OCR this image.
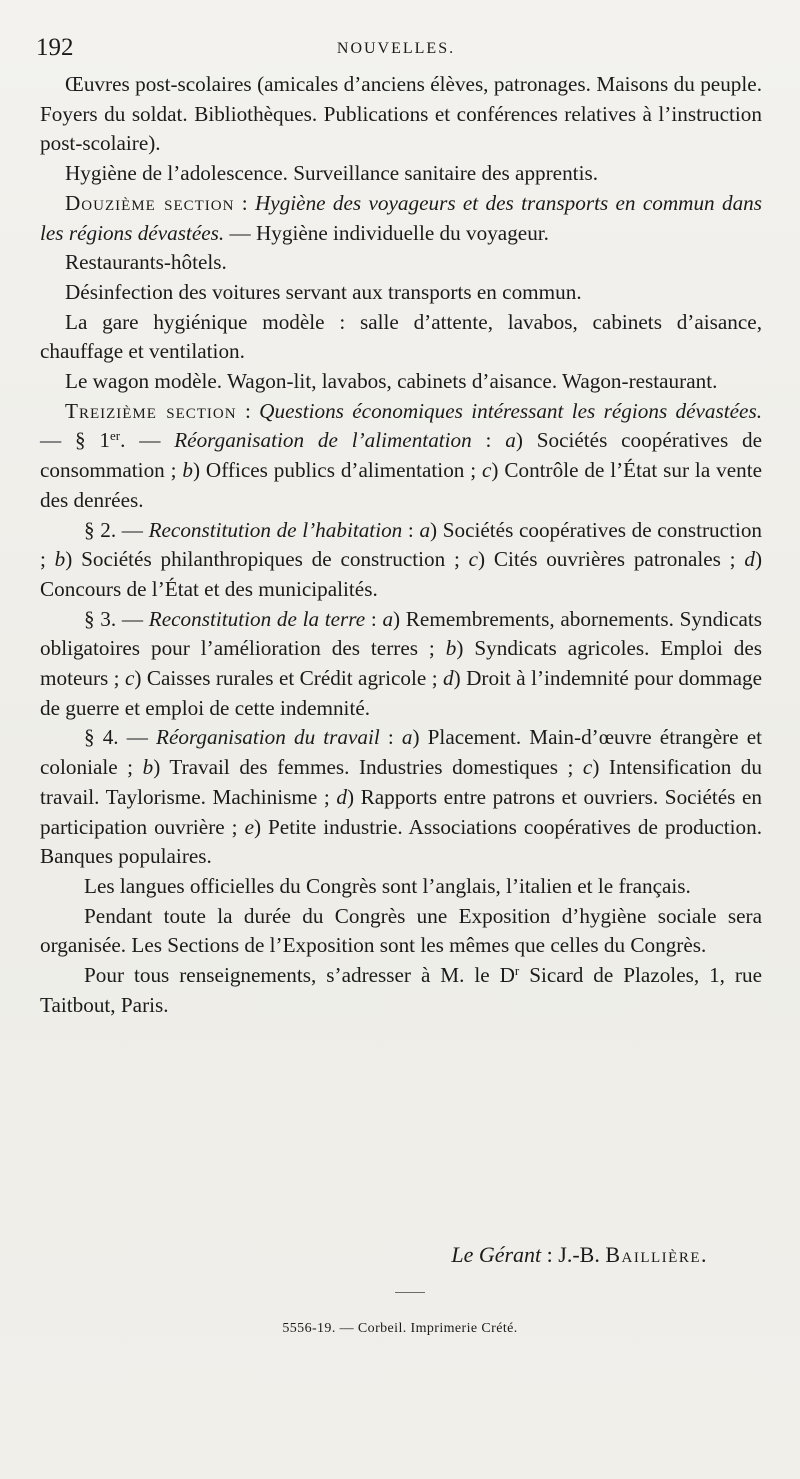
192	NOUVELLES.

Œuvres post-scolaires (amicales d’anciens élèves, patronages. Maisons du peuple. Foyers du soldat. Bibliothèques. Publications et conférences relatives à l’instruction post-scolaire).

Hygiène de l’adolescence. Surveillance sanitaire des apprentis.

Douzième section : Hygiène des voyageurs et des transports en commun dans les régions dévastées. — Hygiène individuelle du voyageur.

Restaurants-hôtels.

Désinfection des voitures servant aux transports en commun.

La gare hygiénique modèle : salle d’attente, lavabos, cabinets d’aisance, chauffage et ventilation.

Le wagon modèle. Wagon-lit, lavabos, cabinets d’aisance. Wagon-restaurant.

Treizième section : Questions économiques intéressant les régions dévastées. — § 1er. — Réorganisation de l’alimentation : a) Sociétés coopératives de consommation ; b) Offices publics d’alimentation ; c) Contrôle de l’État sur la vente des denrées.

§ 2. — Reconstitution de l’habitation : a) Sociétés coopératives de construction ; b) Sociétés philanthropiques de construction ; c) Cités ouvrières patronales ; d) Concours de l’État et des municipalités.

§ 3. — Reconstitution de la terre : a) Remembrements, abornements. Syndicats obligatoires pour l’amélioration des terres ; b) Syndicats agricoles. Emploi des moteurs ; c) Caisses rurales et Crédit agricole ; d) Droit à l’indemnité pour dommage de guerre et emploi de cette indemnité.

§ 4. — Réorganisation du travail : a) Placement. Main-d’œuvre étrangère et coloniale ; b) Travail des femmes. Industries domestiques ; c) Intensification du travail. Taylorisme. Machinisme ; d) Rapports entre patrons et ouvriers. Sociétés en participation ouvrière ; e) Petite industrie. Associations coopératives de production. Banques populaires.

Les langues officielles du Congrès sont l’anglais, l’italien et le français.

Pendant toute la durée du Congrès une Exposition d’hygiène sociale sera organisée. Les Sections de l’Exposition sont les mêmes que celles du Congrès.

Pour tous renseignements, s’adresser à M. le $D^r$ Sicard de Plazoles, 1, rue Taitbout, Paris.

Le Gérant : J.-B. Baillière.
5556-19. — Corbeil. Imprimerie Crété.
